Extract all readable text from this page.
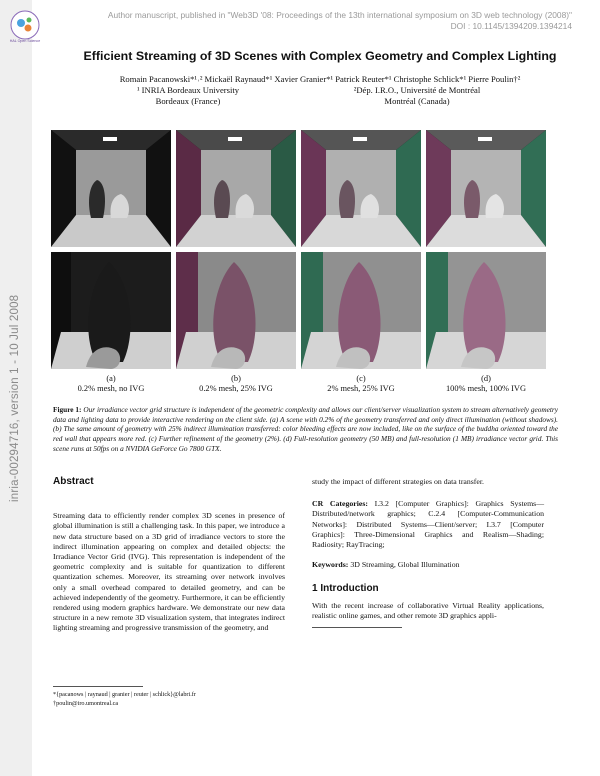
inria-00294716, version 1 - 10 Jul 2008
HAL Open Science
Author manuscript, published in "Web3D '08: Proceedings of the 13th international symposium on 3D web technology (2008)"
DOI : 10.1145/1394209.1394214
Efficient Streaming of 3D Scenes with Complex Geometry and Complex Lighting
Romain Pacanowski*¹˒² Mickaël Raynaud*¹ Xavier Granier*¹ Patrick Reuter*¹ Christophe Schlick*¹ Pierre Poulin†²
¹ INRIA Bordeaux University
Bordeaux (France)
²Dép. I.R.O., Université de Montréal
Montréal (Canada)
(a)
0.2% mesh, no IVG
(b)
0.2% mesh, 25% IVG
(c)
2% mesh, 25% IVG
(d)
100% mesh, 100% IVG
Figure 1: Our irradiance vector grid structure is independent of the geometric complexity and allows our client/server visualization system to stream alternatively geometry data and lighting data to provide interactive rendering on the client side. (a) A scene with 0.2% of the geometry transferred and only direct illumination (without shadows). (b) The same amount of geometry with 25% indirect illumination transferred: color bleeding effects are now included, like on the surface of the buddha oriented toward the red wall that appears more red. (c) Further refinement of the geometry (2%). (d) Full-resolution geometry (50 MB) and full-resolution (1 MB) irradiance vector grid. This scene runs at 50fps on a NVIDIA GeForce Go 7800 GTX.
Abstract

Streaming data to efficiently render complex 3D scenes in presence of global illumination is still a challenging task. In this paper, we introduce a new data structure based on a 3D grid of irradiance vectors to store the indirect illumination appearing on complex and detailed objects: the Irradiance Vector Grid (IVG). This representation is independent of the geometric complexity and is suitable for quantization to different quantization schemes. Moreover, its streaming over network involves only a small overhead compared to detailed geometry, and can be achieved independently of the geometry. Furthermore, it can be efficiently rendered using modern graphics hardware. We demonstrate our new data structure in a new remote 3D visualization system, that integrates indirect lighting streaming and progressive transmission of the geometry, and

study the impact of different strategies on data transfer.

CR Categories: I.3.2 [Computer Graphics]: Graphics Systems—Distributed/network graphics; C.2.4 [Computer-Communication Networks]: Distributed Systems—Client/server; I.3.7 [Computer Graphics]: Three-Dimensional Graphics and Realism—Shading; Radiosity; RayTracing;

Keywords: 3D Streaming, Global Illumination

1 Introduction

With the recent increase of collaborative Virtual Reality applications, realistic online games, and other remote 3D graphics appli-

*{pacanows | raynaud | granier | reuter | schlick}@labri.fr
†poulin@iro.umontreal.ca
